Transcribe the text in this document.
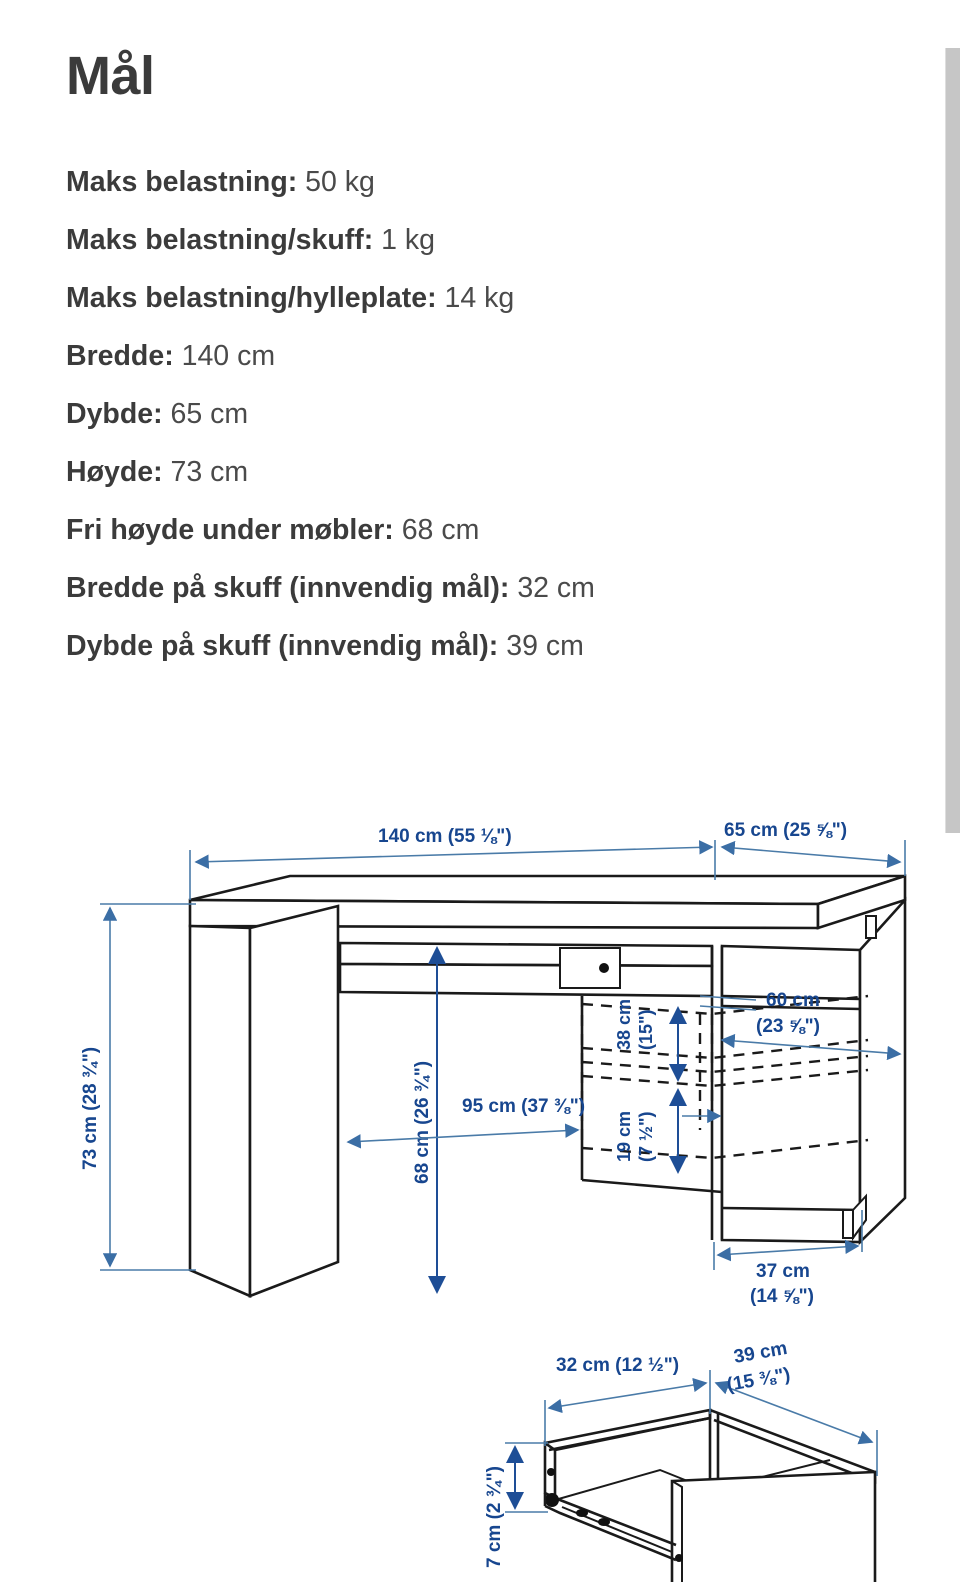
Mål
Maks belastning: 50 kg
Maks belastning/skuff: 1 kg
Maks belastning/hylleplate: 14 kg
Bredde: 140 cm
Dybde: 65 cm
Høyde: 73 cm
Fri høyde under møbler: 68 cm
Bredde på skuff (innvendig mål): 32 cm
Dybde på skuff (innvendig mål): 39 cm
140 cm (55 ⅛")	65 cm (25 ⅝")
73 cm (28 ¾")	68 cm (26 ¾") 95 cm (37 ⅜")
38 cm (15")
19 cm (7 ½")
60 cm
(23 ⅝")
37 cm
(14 ⅝")
32 cm (12 ½")	39 cm
(15 ⅜")
7 cm (2 ¾")
